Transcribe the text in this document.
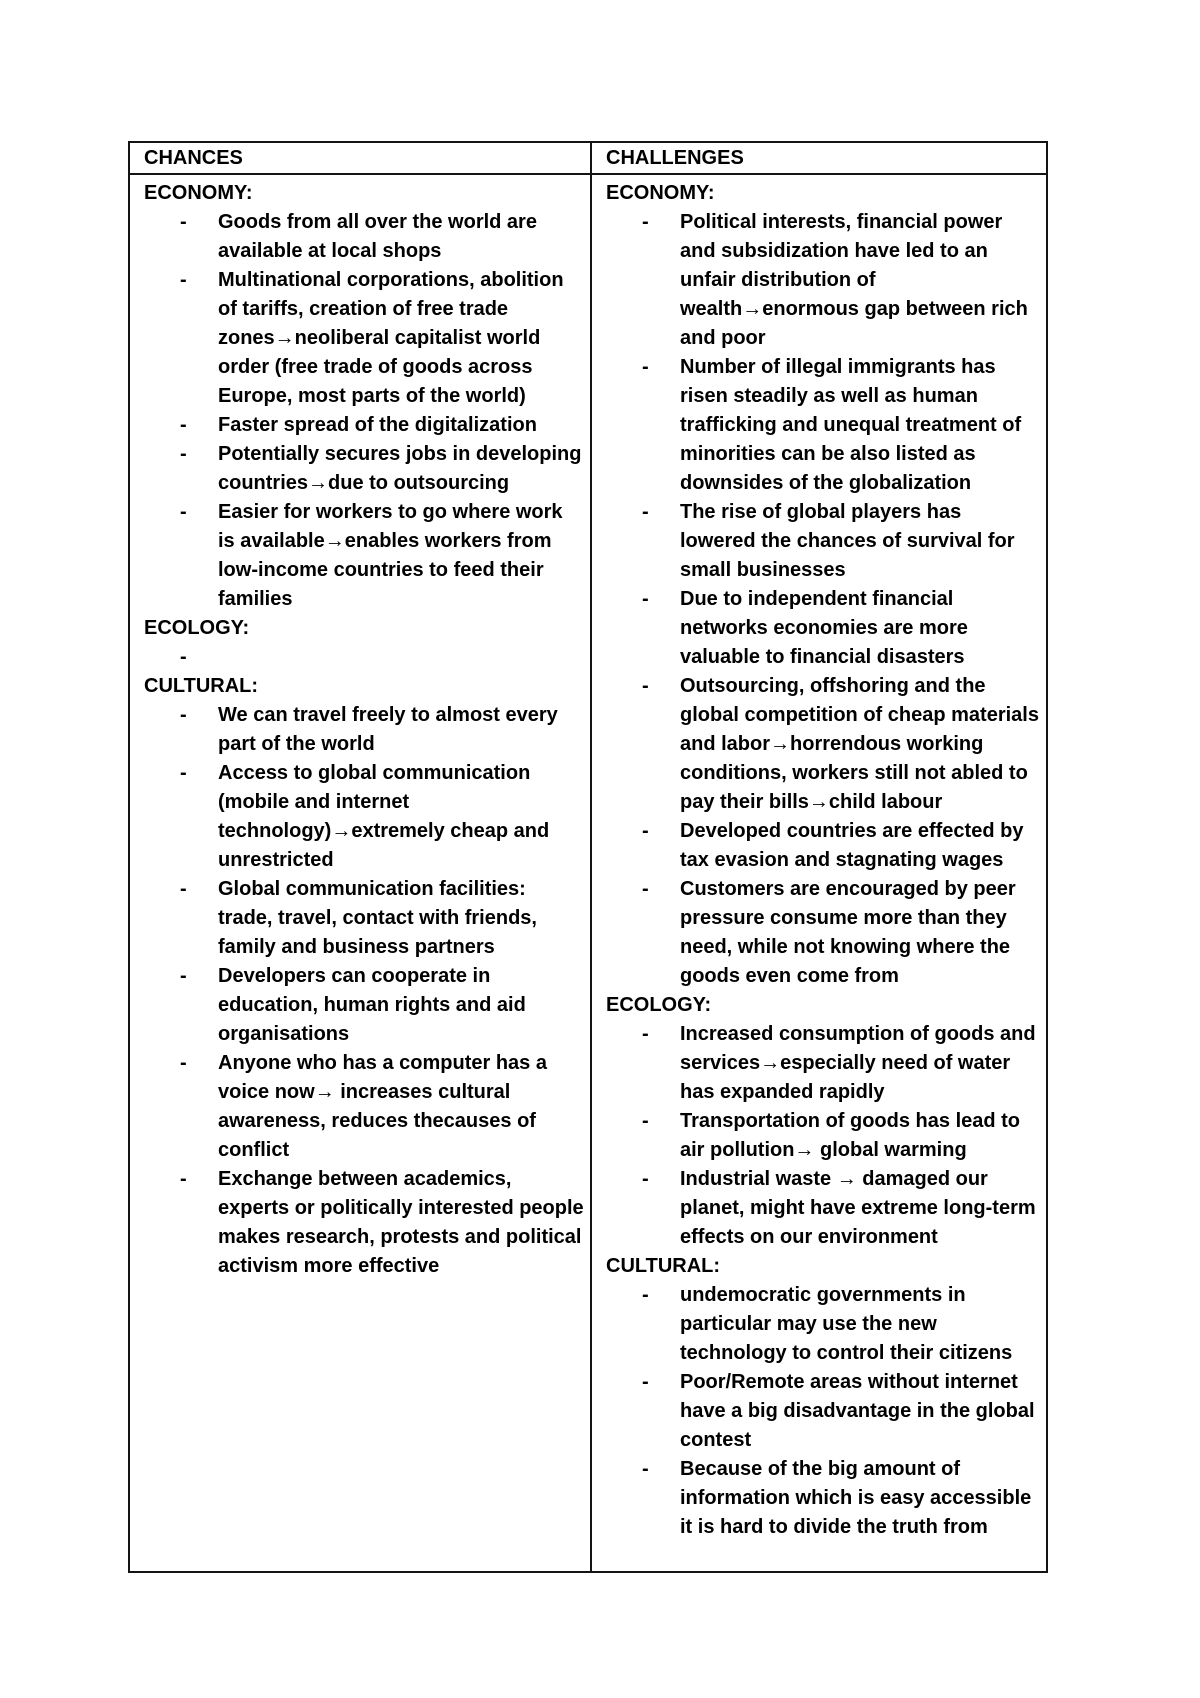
CHANCES	CHALLENGES
ECONOMY:
- Goods from all over the world are available at local shops
- Multinational corporations, abolition of tariffs, creation of free trade zones→neoliberal capitalist world order (free trade of goods across Europe, most parts of the world)
- Faster spread of the digitalization
- Potentially secures jobs in developing countries→due to outsourcing
- Easier for workers to go where work is available→enables workers from low-income countries to feed their families
ECOLOGY:
-
CULTURAL:
- We can travel freely to almost every part of the world
- Access to global communication (mobile and internet technology)→extremely cheap and unrestricted
- Global communication facilities: trade, travel, contact with friends, family and business partners
- Developers can cooperate in education, human rights and aid organisations
- Anyone who has a computer has a voice now→ increases cultural awareness, reduces thecauses of conflict
- Exchange between academics, experts or politically interested people makes research, protests and political activism more effective
ECONOMY:
- Political interests, financial power and subsidization have led to an unfair distribution of wealth→enormous gap between rich and poor
- Number of illegal immigrants has risen steadily as well as human trafficking and unequal treatment of minorities can be also listed as downsides of the globalization
- The rise of global players has lowered the chances of survival for small businesses
- Due to independent financial networks economies are more valuable to financial disasters
- Outsourcing, offshoring and the global competition of cheap materials and labor→horrendous working conditions, workers still not abled to pay their bills→child labour
- Developed countries are effected by tax evasion and stagnating wages
- Customers are encouraged by peer pressure consume more than they need, while not knowing where the goods even come from
ECOLOGY:
- Increased consumption of goods and services→especially need of water has expanded rapidly
- Transportation of goods has lead to air pollution→ global warming
- Industrial waste → damaged our planet, might have extreme long-term effects on our environment
CULTURAL:
- undemocratic governments in particular may use the new technology to control their citizens
- Poor/Remote areas without internet have a big disadvantage in the global contest
- Because of the big amount of information which is easy accessible it is hard to divide the truth from
